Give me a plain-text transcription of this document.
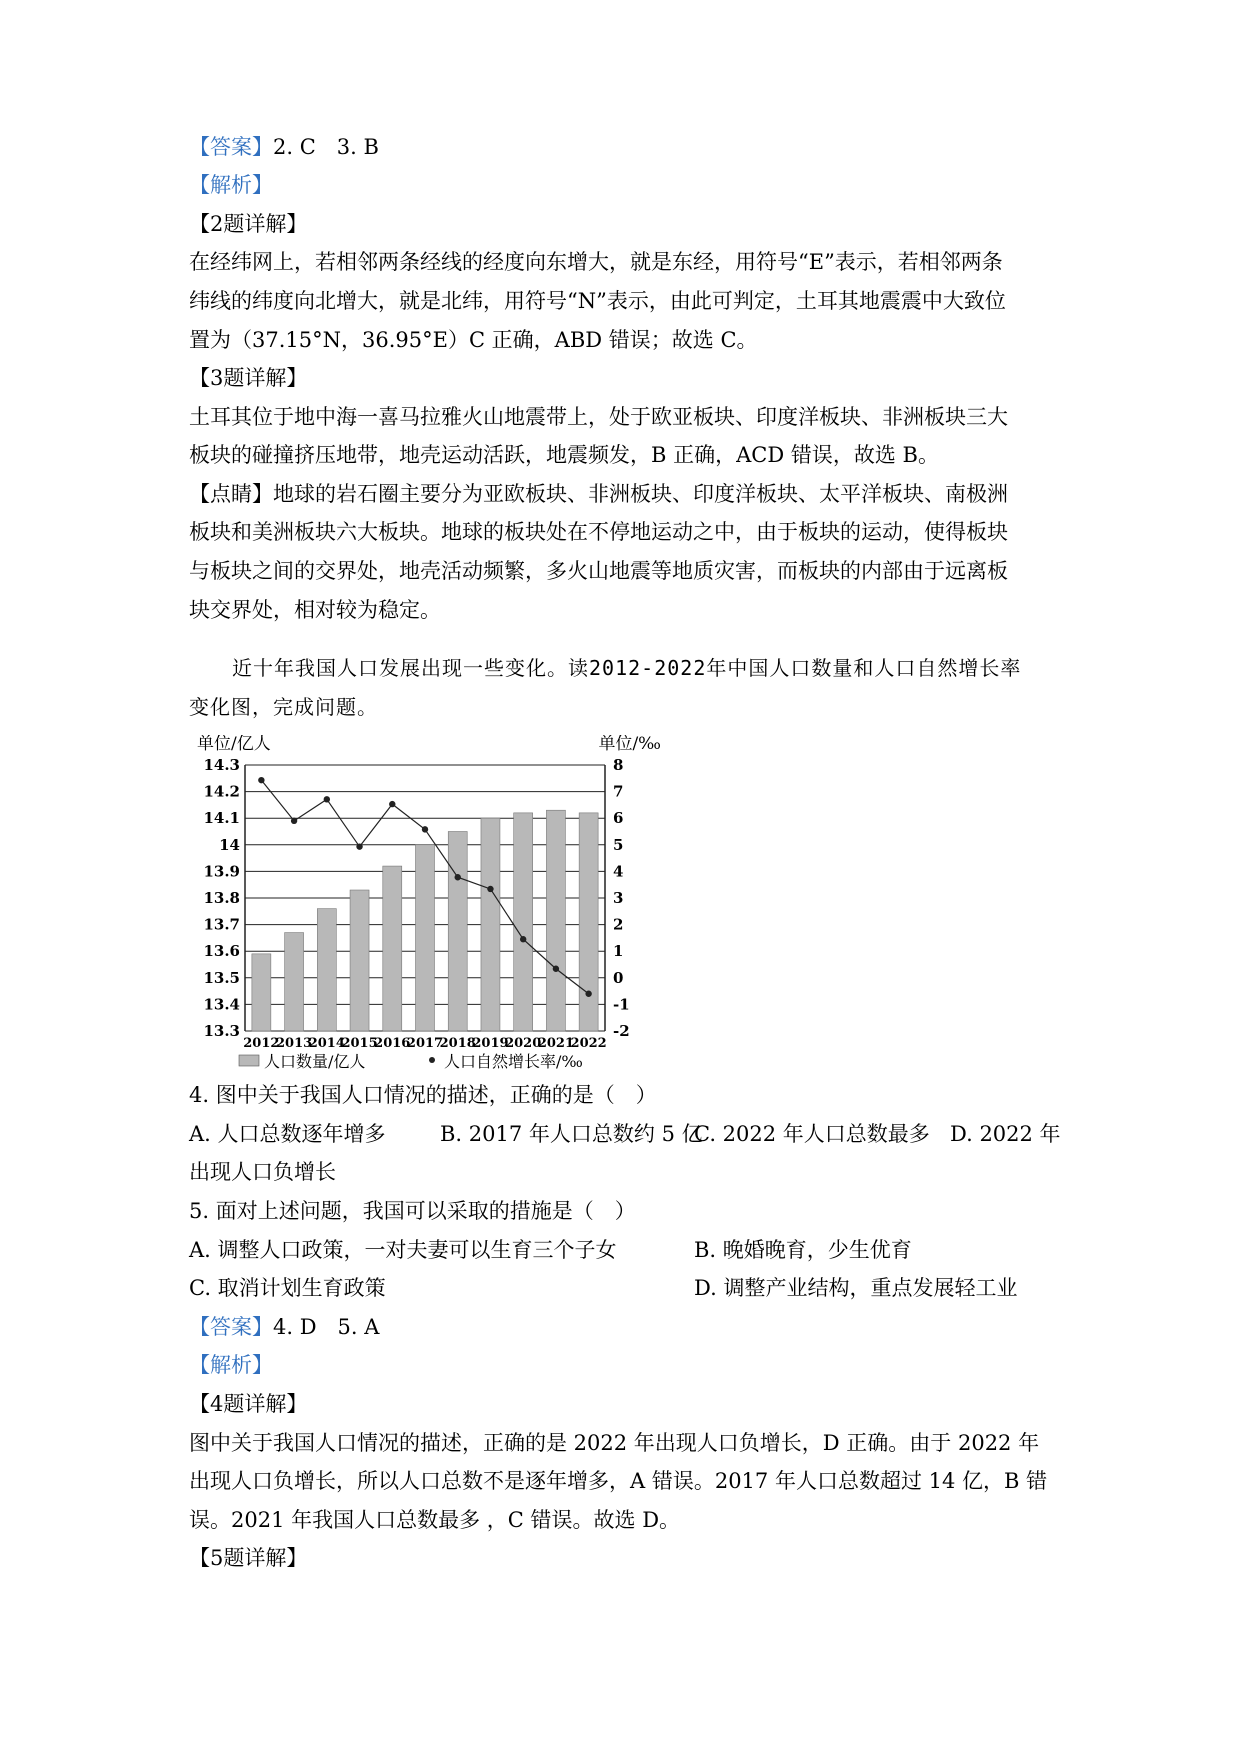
【答案】2. C　3. B
【解析】
【2题详解】
在经纬网上，若相邻两条经线的经度向东增大，就是东经，用符号“E”表示，若相邻两条
纬线的纬度向北增大，就是北纬，用符号“N”表示，由此可判定，土耳其地震震中大致位
置为（37.15°N，36.95°E）C 正确，ABD 错误；故选 C。
【3题详解】
土耳其位于地中海一喜马拉雅火山地震带上，处于欧亚板块、印度洋板块、非洲板块三大
板块的碰撞挤压地带，地壳运动活跃，地震频发，B 正确，ACD 错误，故选 B。
【点睛】地球的岩石圈主要分为亚欧板块、非洲板块、印度洋板块、太平洋板块、南极洲
板块和美洲板块六大板块。地球的板块处在不停地运动之中，由于板块的运动，使得板块
与板块之间的交界处，地壳活动频繁，多火山地震等地质灾害，而板块的内部由于远离板
块交界处，相对较为稳定。
近十年我国人口发展出现一些变化。读2012-2022年中国人口数量和人口自然增长率
变化图，完成问题。
14.3
14.2
14.1
14
13.9
13.8
13.7
13.6
13.5
13.4
13.3
8
7
6
5
4
3
2
1
0
-1
-2
2012
2013
2014
2015
2016
2017
2018
2019
2020
2021
2022
单位/亿人	单位/‰
人口数量/亿人	人口自然增长率/‰
4. 图中关于我国人口情况的描述，正确的是（　）
A. 人口总数逐年增多	B. 2017 年人口总数约 5 亿
C. 2022 年人口总数最多 D. 2022 年
出现人口负增长
5. 面对上述问题，我国可以采取的措施是（　）
A. 调整人口政策，一对夫妻可以生育三个子女	B. 晚婚晚育，少生优育
C. 取消计划生育政策	D. 调整产业结构，重点发展轻工业
【答案】4. D　5. A
【解析】
【4题详解】
图中关于我国人口情况的描述，正确的是 2022 年出现人口负增长，D 正确。由于 2022 年
出现人口负增长，所以人口总数不是逐年增多，A 错误。2017 年人口总数超过 14 亿，B 错
误。2021 年我国人口总数最多 ，C 错误。故选 D。
【5题详解】
